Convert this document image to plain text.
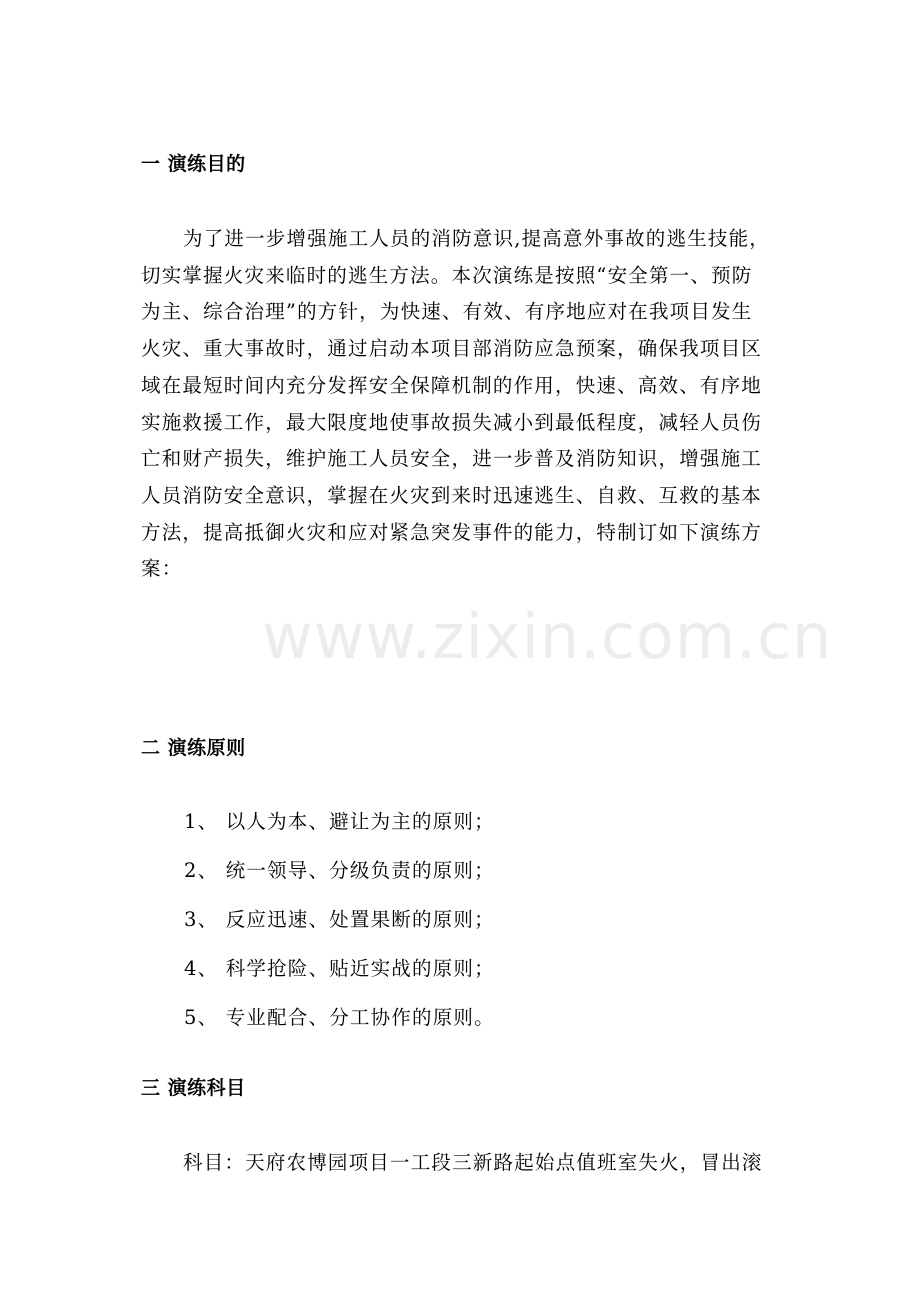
一 演练目的
为了进一步增强施工人员的消防意识,提高意外事故的逃生技能，
切实掌握火灾来临时的逃生方法。本次演练是按照“安全第一、预防
为主、综合治理”的方针，为快速、有效、有序地应对在我项目发生
火灾、重大事故时，通过启动本项目部消防应急预案，确保我项目区
域在最短时间内充分发挥安全保障机制的作用，快速、高效、有序地
实施救援工作，最大限度地使事故损失减小到最低程度，减轻人员伤
亡和财产损失，维护施工人员安全，进一步普及消防知识，增强施工
人员消防安全意识，掌握在火灾到来时迅速逃生、自救、互救的基本
方法，提高抵御火灾和应对紧急突发事件的能力，特制订如下演练方
案：
二 演练原则
1、 以人为本、避让为主的原则；
2、 统一领导、分级负责的原则；
3、 反应迅速、处置果断的原则；
4、 科学抢险、贴近实战的原则；
5、 专业配合、分工协作的原则。
三 演练科目
科目：天府农博园项目一工段三新路起始点值班室失火，冒出滚
www.zixin.com.cn
